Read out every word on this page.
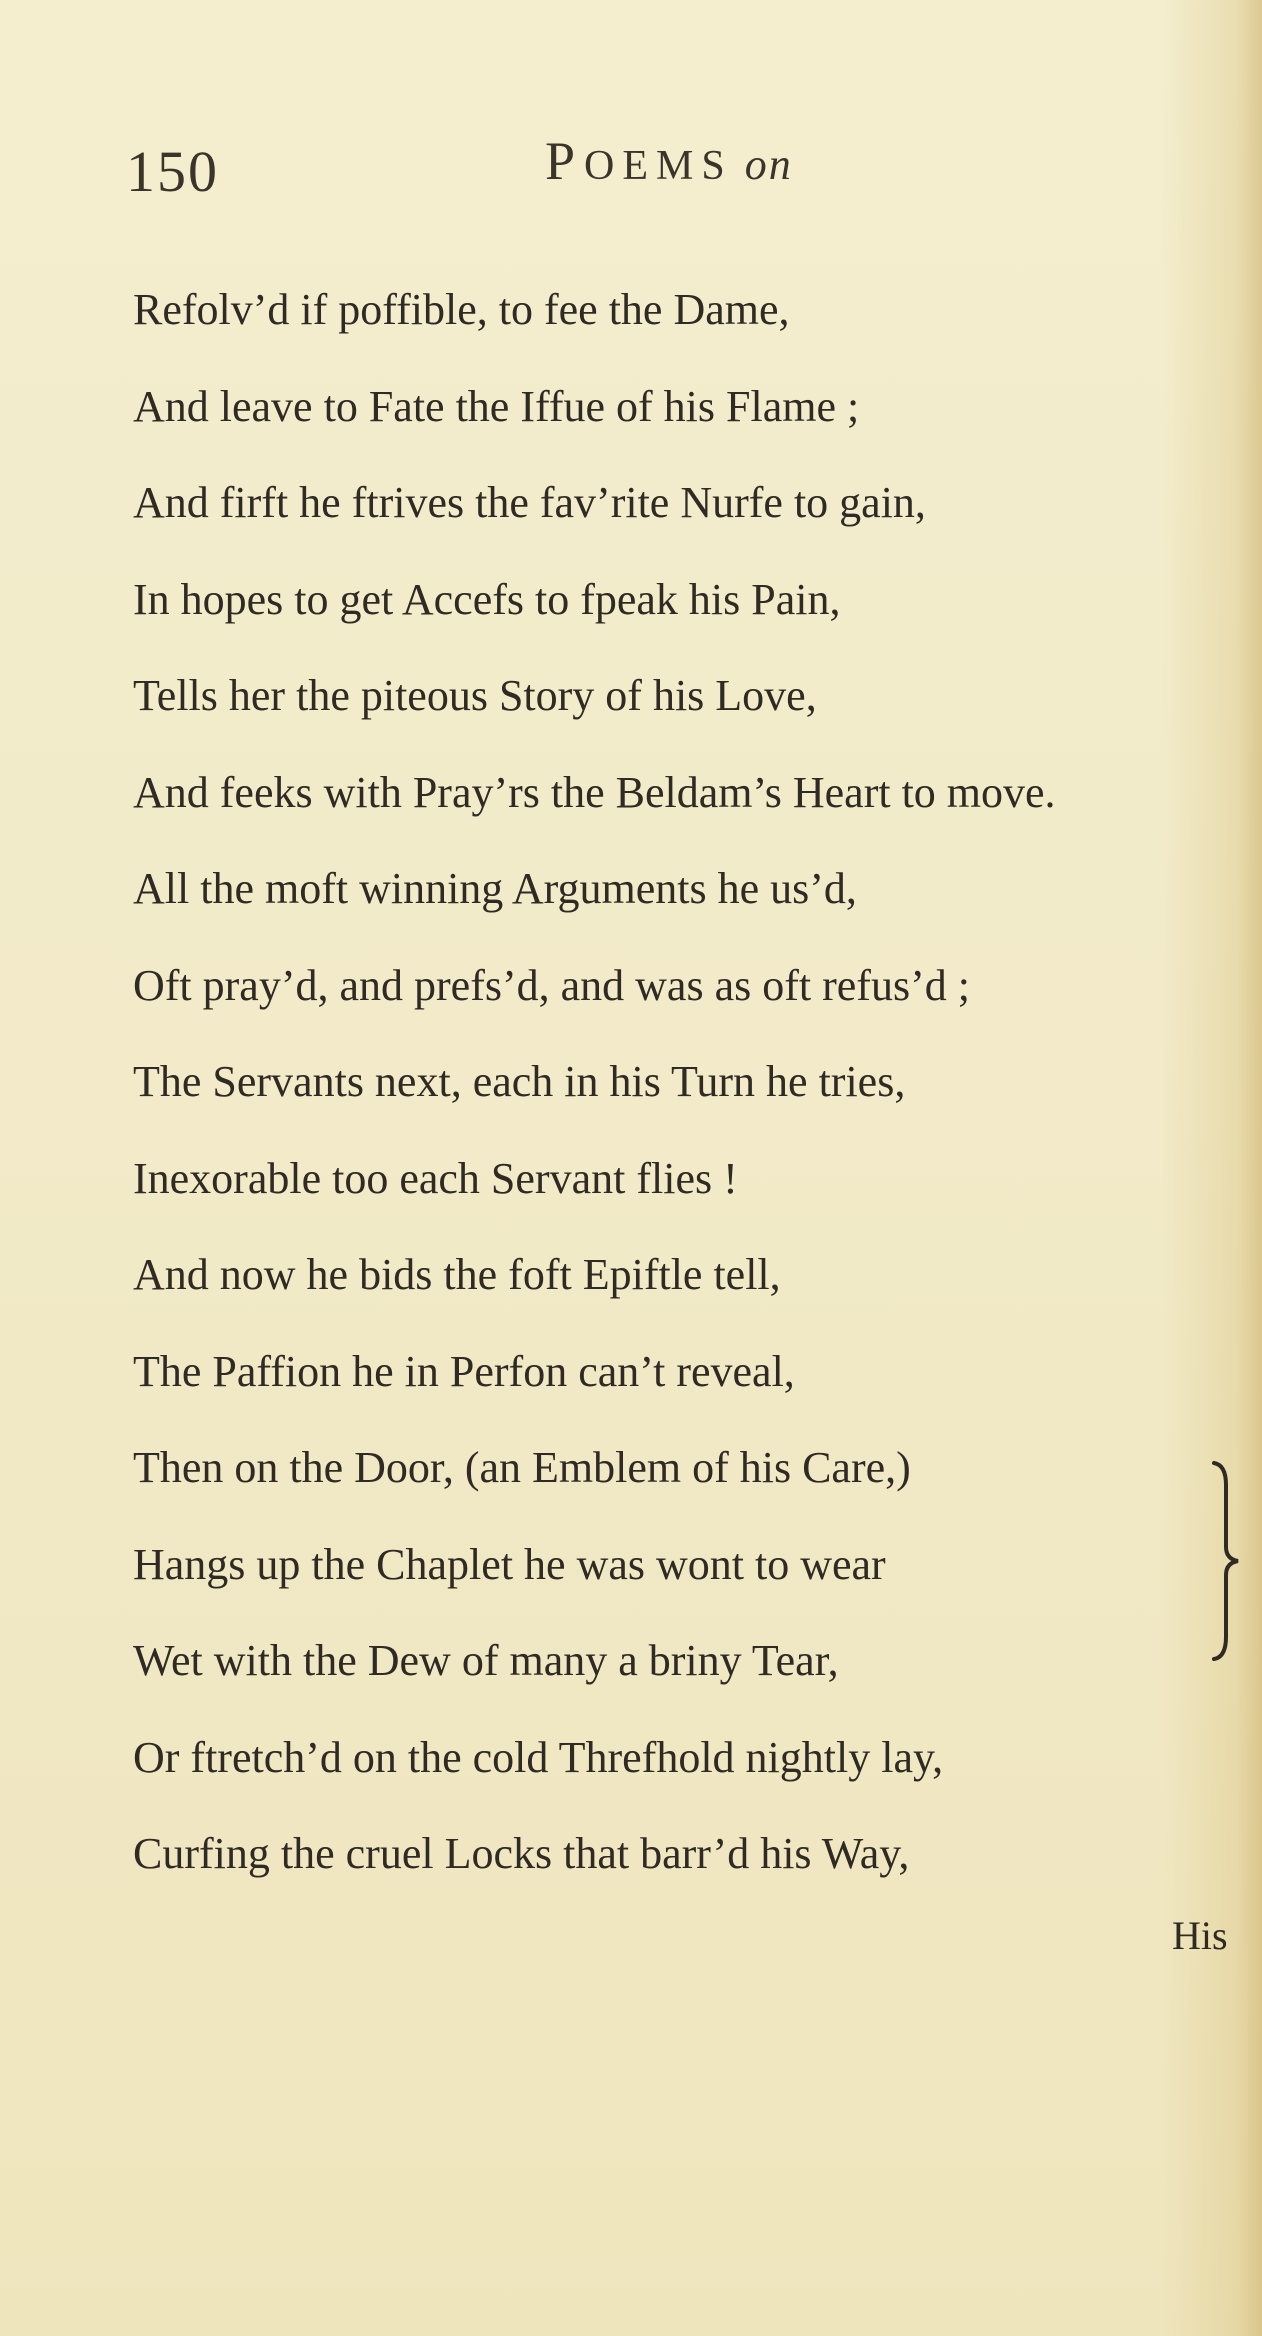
150	POEMS on
Refolv’d if poffible, to fee the Dame,
And leave to Fate the Iffue of his Flame ;
And firft he ftrives the fav’rite Nurfe to gain,
In hopes to get Accefs to fpeak his Pain,
Tells her the piteous Story of his Love,
And feeks with Pray’rs the Beldam’s Heart to move.
All the moft winning Arguments he us’d,
Oft pray’d, and prefs’d, and was as oft refus’d ;
The Servants next, each in his Turn he tries,
Inexorable too each Servant flies !
And now he bids the foft Epiftle tell,
The Paffion he in Perfon can’t reveal,
Then on the Door, (an Emblem of his Care,)
Hangs up the Chaplet he was wont to wear
Wet with the Dew of many a briny Tear,
Or ftretch’d on the cold Threfhold nightly lay,
Curfing the cruel Locks that barr’d his Way,
His
